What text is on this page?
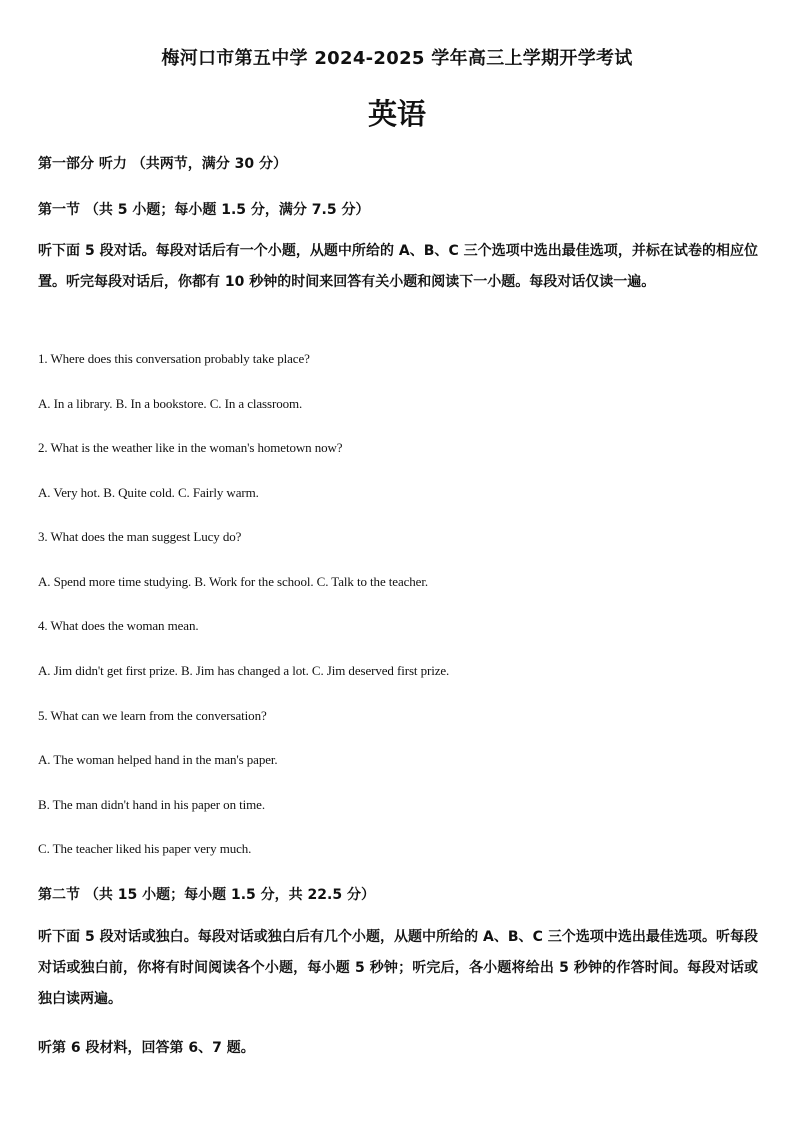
梅河口市第五中学 2024-2025 学年高三上学期开学考试
英语
第一部分 听力 （共两节，满分 30 分）
第一节 （共 5 小题；每小题 1.5 分，满分 7.5 分）
听下面 5 段对话。每段对话后有一个小题，从题中所给的 A、B、C 三个选项中选出最佳选项，并标在试卷的相应位置。听完每段对话后，你都有 10 秒钟的时间来回答有关小题和阅读下一小题。每段对话仅读一遍。
1. Where does this conversation probably take place?
A. In a library. B. In a bookstore. C. In a classroom.
2. What is the weather like in the woman's hometown now?
A. Very hot. B. Quite cold. C. Fairly warm.
3. What does the man suggest Lucy do?
A. Spend more time studying. B. Work for the school. C. Talk to the teacher.
4. What does the woman mean.
A. Jim didn't get first prize. B. Jim has changed a lot. C. Jim deserved first prize.
5. What can we learn from the conversation?
A. The woman helped hand in the man's paper.
B. The man didn't hand in his paper on time.
C. The teacher liked his paper very much.
第二节 （共 15 小题；每小题 1.5 分，共 22.5 分）
听下面 5 段对话或独白。每段对话或独白后有几个小题，从题中所给的 A、B、C 三个选项中选出最佳选项。听每段对话或独白前，你将有时间阅读各个小题，每小题 5 秒钟；听完后，各小题将给出 5 秒钟的作答时间。每段对话或独白读两遍。
听第 6 段材料，回答第 6、7 题。
